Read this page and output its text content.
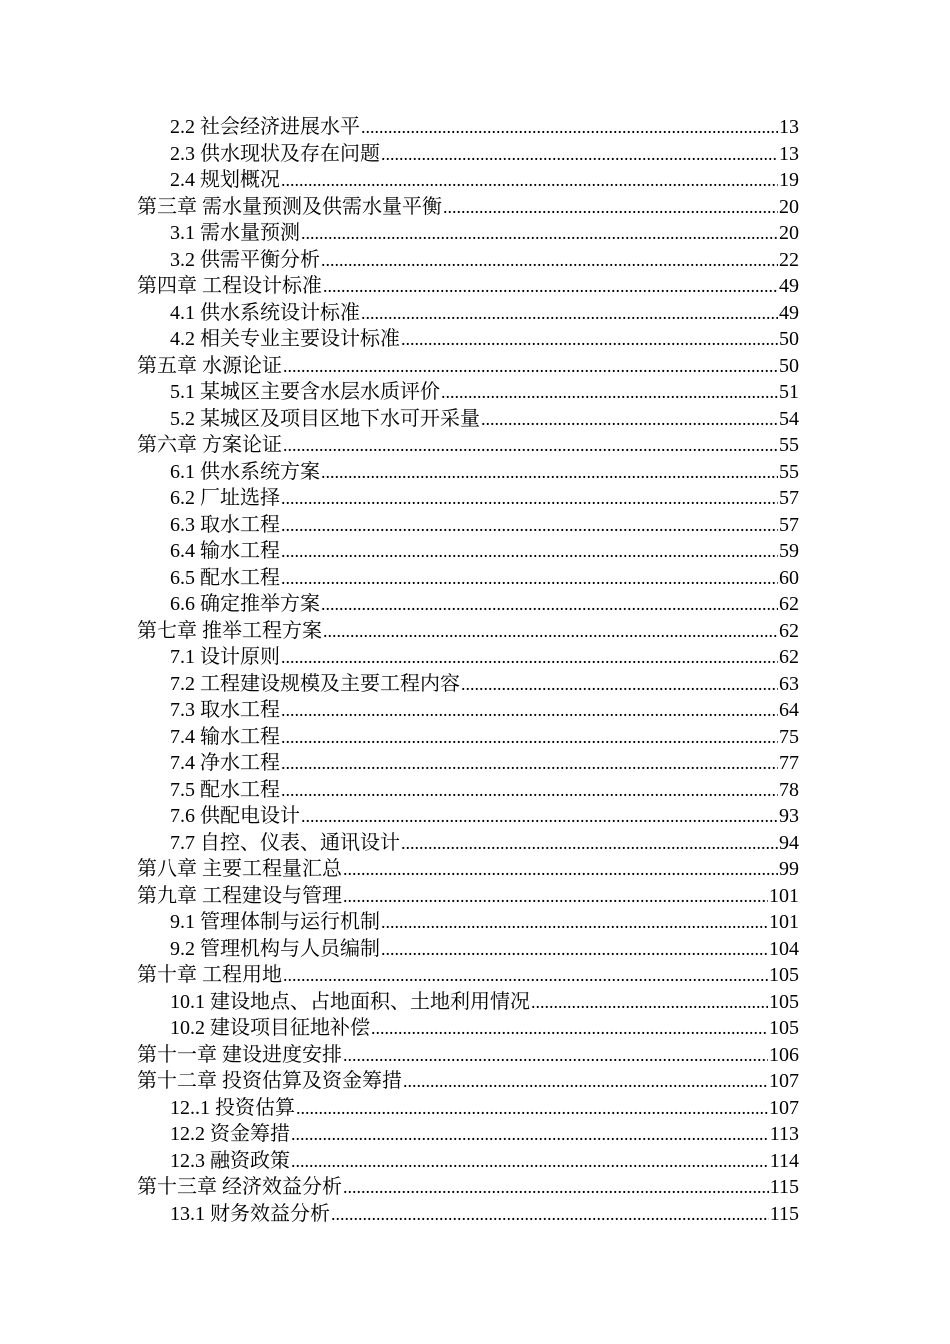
2.2 社会经济进展水平 .....	13
2.3 供水现状及存在问题 .....	13
2.4 规划概况 .....	19
第三章 需水量预测及供需水量平衡 .....	20
3.1 需水量预测 .....	20
3.2 供需平衡分析 .....	22
第四章 工程设计标准 .....	49
4.1 供水系统设计标准 .....	49
4.2 相关专业主要设计标准 .....	50
第五章 水源论证 .....	50
5.1 某城区主要含水层水质评价 .....	51
5.2 某城区及项目区地下水可开采量 .....	54
第六章 方案论证 .....	55
6.1 供水系统方案 .....	55
6.2 厂址选择 .....	57
6.3 取水工程 .....	57
6.4 输水工程 .....	59
6.5 配水工程 .....	60
6.6 确定推举方案 .....	62
第七章 推举工程方案 .....	62
7.1 设计原则 .....	62
7.2 工程建设规模及主要工程内容 .....	63
7.3 取水工程 .....	64
7.4 输水工程 .....	75
7.4 净水工程 .....	77
7.5 配水工程 .....	78
7.6 供配电设计 .....	93
7.7 自控、仪表、通讯设计 .....	94
第八章 主要工程量汇总 .....	99
第九章 工程建设与管理 .....	101
9.1 管理体制与运行机制 .....	101
9.2 管理机构与人员编制 .....	104
第十章 工程用地 .....	105
10.1 建设地点、占地面积、土地利用情况 .....	105
10.2 建设项目征地补偿 .....	105
第十一章 建设进度安排 .....	106
第十二章 投资估算及资金筹措 .....	107
12..1 投资估算 .....	107
12.2 资金筹措 .....	113
12.3 融资政策 .....	114
第十三章 经济效益分析 .....	115
13.1 财务效益分析 .....	115
